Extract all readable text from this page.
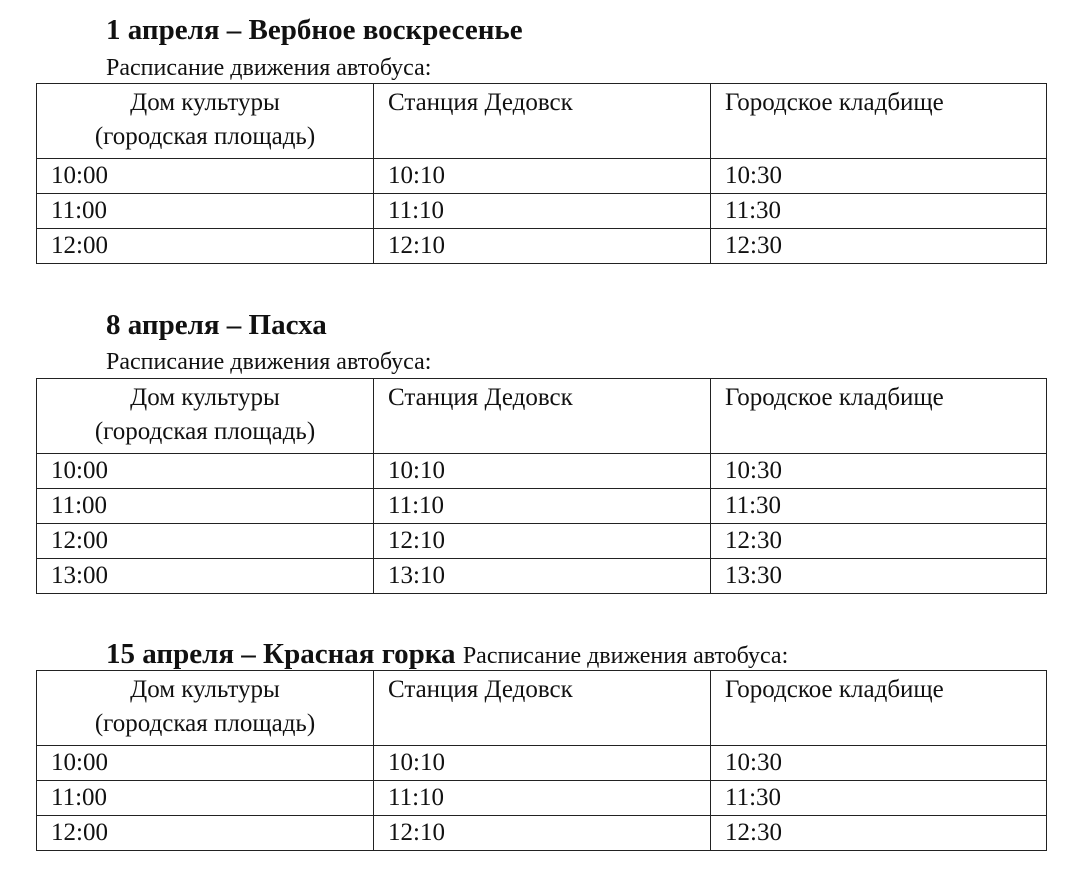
1 апреля – Вербное воскресенье
Расписание движения автобуса:
Дом культуры
(городская площадь)	Станция Дедовск	Городское кладбище
10:00	10:10	10:30
11:00	11:10	11:30
12:00	12:10	12:30
8 апреля – Пасха
Расписание движения автобуса:
Дом культуры
(городская площадь)	Станция Дедовск	Городское кладбище
10:00	10:10	10:30
11:00	11:10	11:30
12:00	12:10	12:30
13:00	13:10	13:30
15 апреля – Красная горка Расписание движения автобуса:
Дом культуры
(городская площадь)	Станция Дедовск	Городское кладбище
10:00	10:10	10:30
11:00	11:10	11:30
12:00	12:10	12:30
